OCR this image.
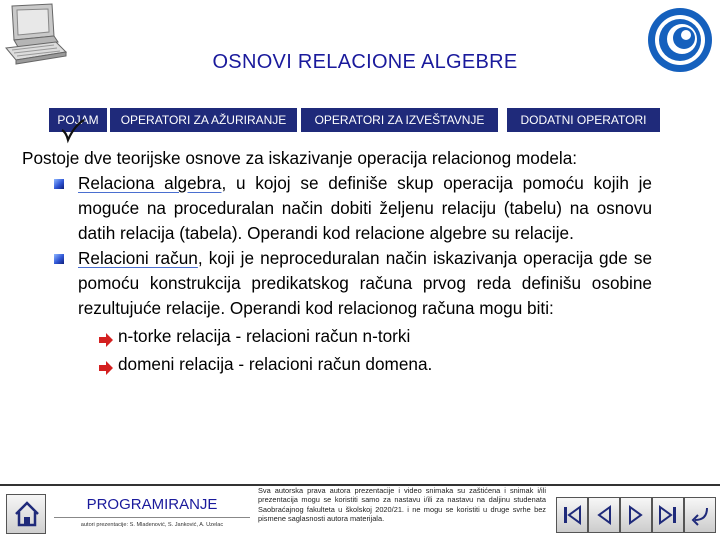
OSNOVI RELACIONE ALGEBRE
POJAM	OPERATORI ZA AŽURIRANJE	OPERATORI ZA IZVEŠTAVNJE	DODATNI OPERATORI

Postoje dve teorijske osnove za iskazivanje operacija relacionog modela:

Relaciona algebra, u kojoj se definiše skup operacija pomoću kojih je moguće na proceduralan način dobiti željenu relaciju (tabelu) na osnovu datih relacija (tabela). Operandi kod relacione algebre su relacije.
Relacioni račun, koji je neproceduralan način iskazivanja operacija gde se pomoću konstrukcija predikatskog računa prvog reda definišu osobine rezultujuće relacije. Operandi kod relacionog računa mogu biti:
n-torke relacija - relacioni račun n-torki
domeni relacija - relacioni račun domena.
PROGRAMIRANJE
autori prezentacije: S. Mladenović, S. Janković, A. Uzelac
Sva autorska prava autora prezentacije i video snimaka su zaštićena i snimak i/ili prezentacija mogu se koristiti samo za nastavu i/ili za nastavu na daljinu studenata Saobraćajnog fakulteta u školskoj 2020/21. i ne mogu se koristiti u druge svrhe bez pismene saglasnosti autora materijala.
